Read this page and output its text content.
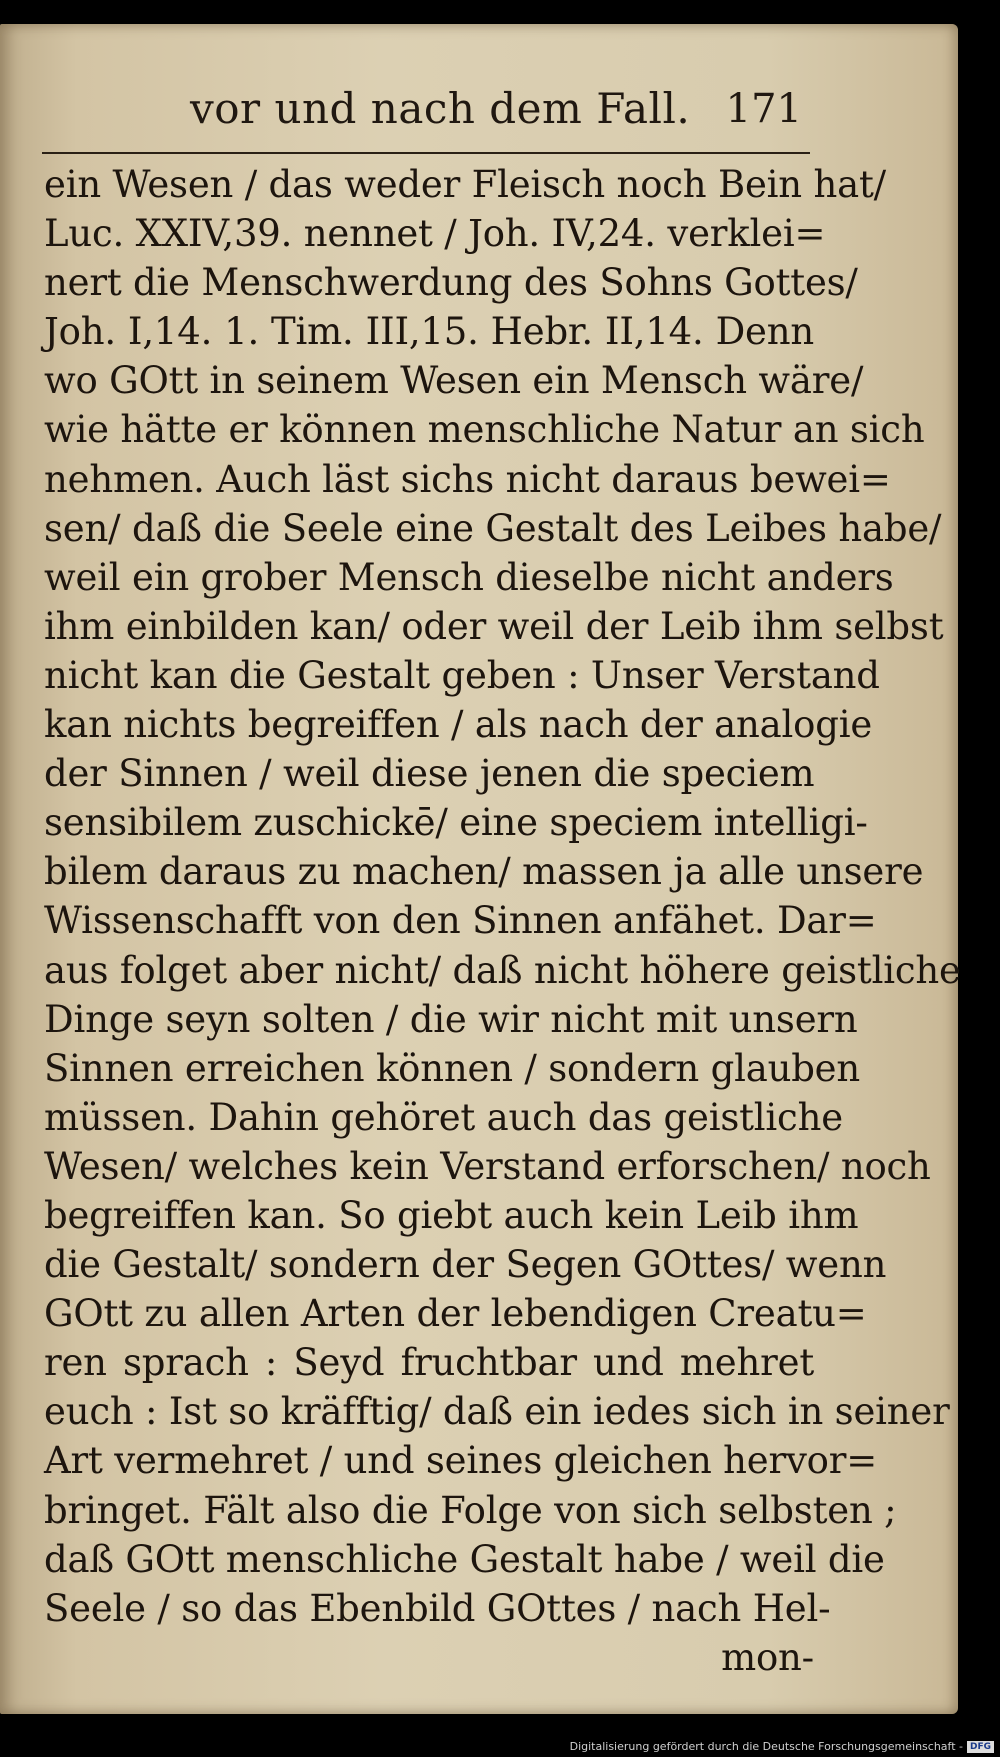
vor und nach dem Fall. 171
ein Wesen / das weder Fleisch noch Bein hat/
Luc. XXIV,39. nennet / Joh. IV,24. verklei=
nert die Menschwerdung des Sohns Gottes/
Joh. I,14. 1. Tim. III,15. Hebr. II,14. Denn
wo GOtt in seinem Wesen ein Mensch wäre/
wie hätte er können menschliche Natur an sich
nehmen. Auch läst sichs nicht daraus bewei=
sen/ daß die Seele eine Gestalt des Leibes habe/
weil ein grober Mensch dieselbe nicht anders
ihm einbilden kan/ oder weil der Leib ihm selbst
nicht kan die Gestalt geben : Unser Verstand
kan nichts begreiffen / als nach der analogie
der Sinnen / weil diese jenen die speciem
sensibilem zuschickē/ eine speciem intelligi-
bilem daraus zu machen/ massen ja alle unsere
Wissenschafft von den Sinnen anfähet. Dar=
aus folget aber nicht/ daß nicht höhere geistliche
Dinge seyn solten / die wir nicht mit unsern
Sinnen erreichen können / sondern glauben
müssen. Dahin gehöret auch das geistliche
Wesen/ welches kein Verstand erforschen/ noch
begreiffen kan. So giebt auch kein Leib ihm
die Gestalt/ sondern der Segen GOttes/ wenn
GOtt zu allen Arten der lebendigen Creatu=
ren sprach : Seyd fruchtbar und mehret
euch : Ist so kräfftig/ daß ein iedes sich in seiner
Art vermehret / und seines gleichen hervor=
bringet. Fält also die Folge von sich selbsten ;
daß GOtt menschliche Gestalt habe / weil die
Seele / so das Ebenbild GOttes / nach Hel-
mon-
Digitalisierung gefördert durch die Deutsche Forschungsgemeinschaft - DFG
